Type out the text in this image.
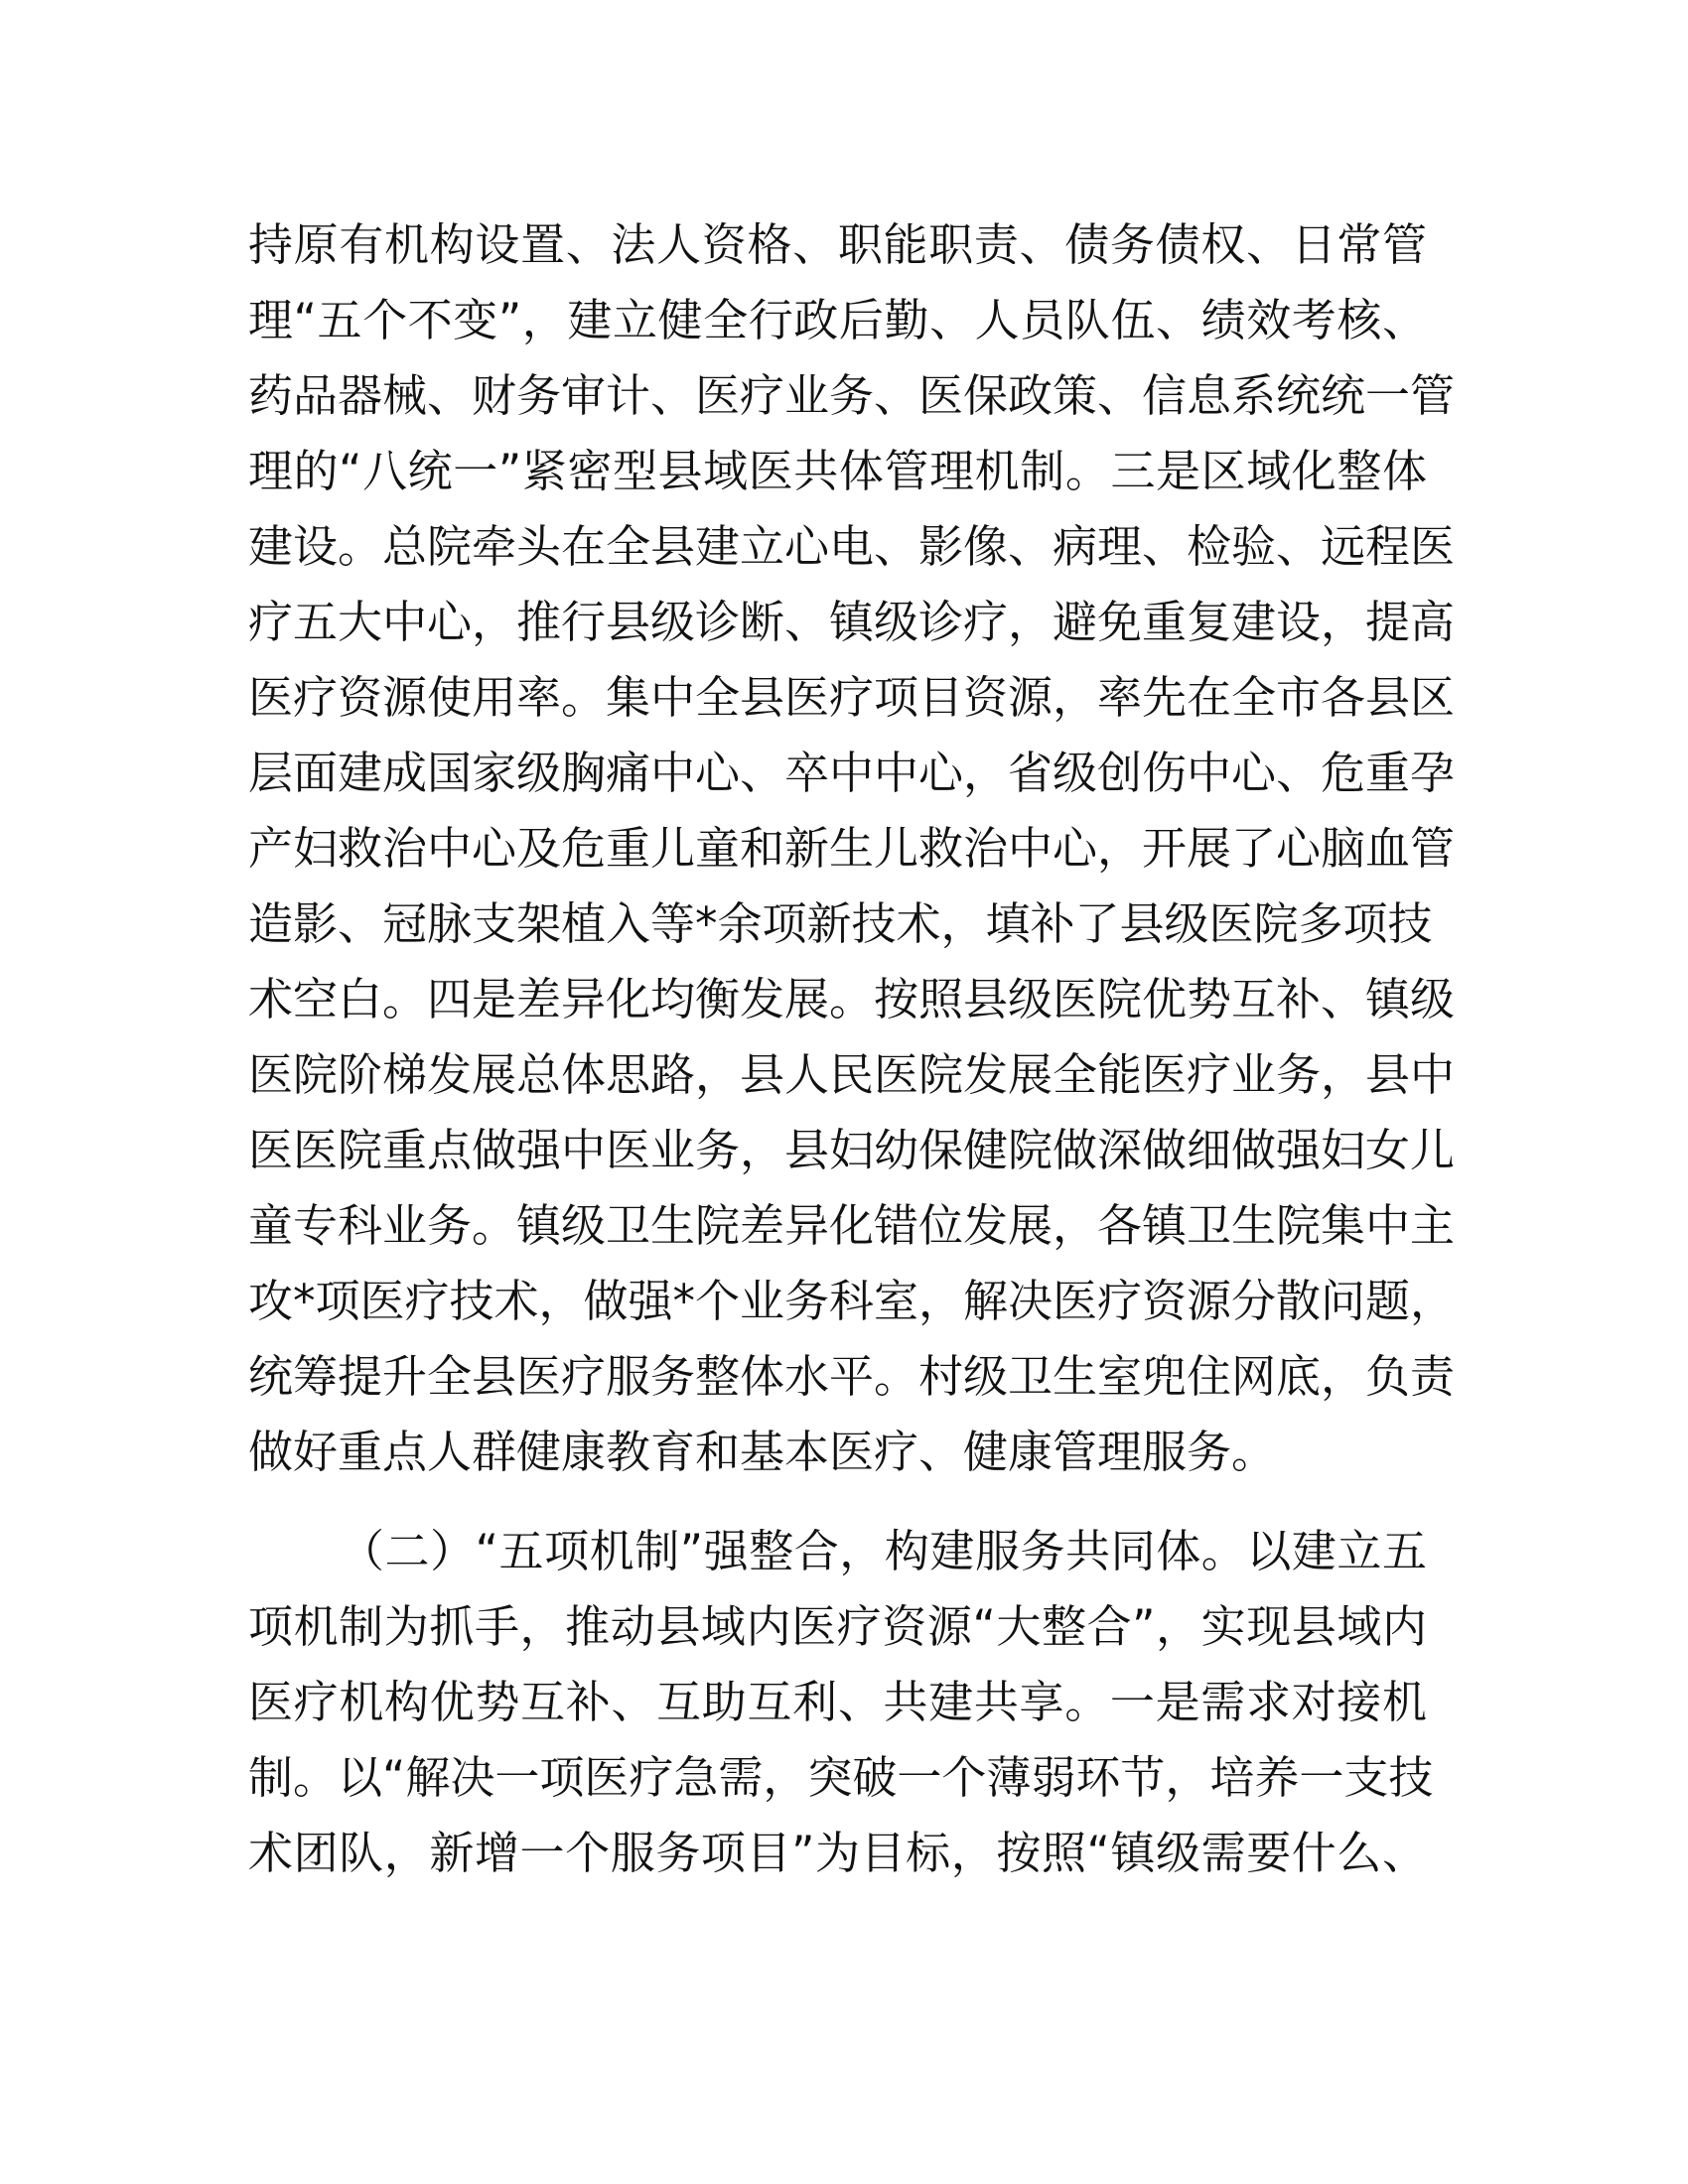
持原有机构设置、法人资格、职能职责、债务债权、日常管
理“五个不变”，建立健全行政后勤、人员队伍、绩效考核、
药品器械、财务审计、医疗业务、医保政策、信息系统统一管
理的“八统一”紧密型县域医共体管理机制。三是区域化整体
建设。总院牵头在全县建立心电、影像、病理、检验、远程医
疗五大中心，推行县级诊断、镇级诊疗，避免重复建设，提高
医疗资源使用率。集中全县医疗项目资源，率先在全市各县区
层面建成国家级胸痛中心、卒中中心，省级创伤中心、危重孕
产妇救治中心及危重儿童和新生儿救治中心，开展了心脑血管
造影、冠脉支架植入等*余项新技术，填补了县级医院多项技
术空白。四是差异化均衡发展。按照县级医院优势互补、镇级
医院阶梯发展总体思路，县人民医院发展全能医疗业务，县中
医医院重点做强中医业务，县妇幼保健院做深做细做强妇女儿
童专科业务。镇级卫生院差异化错位发展，各镇卫生院集中主
攻*项医疗技术，做强*个业务科室，解决医疗资源分散问题，
统筹提升全县医疗服务整体水平。村级卫生室兜住网底，负责
做好重点人群健康教育和基本医疗、健康管理服务。
（二）“五项机制”强整合，构建服务共同体。以建立五
项机制为抓手，推动县域内医疗资源“大整合”，实现县域内
医疗机构优势互补、互助互利、共建共享。一是需求对接机
制。以“解决一项医疗急需，突破一个薄弱环节，培养一支技
术团队，新增一个服务项目”为目标，按照“镇级需要什么、
